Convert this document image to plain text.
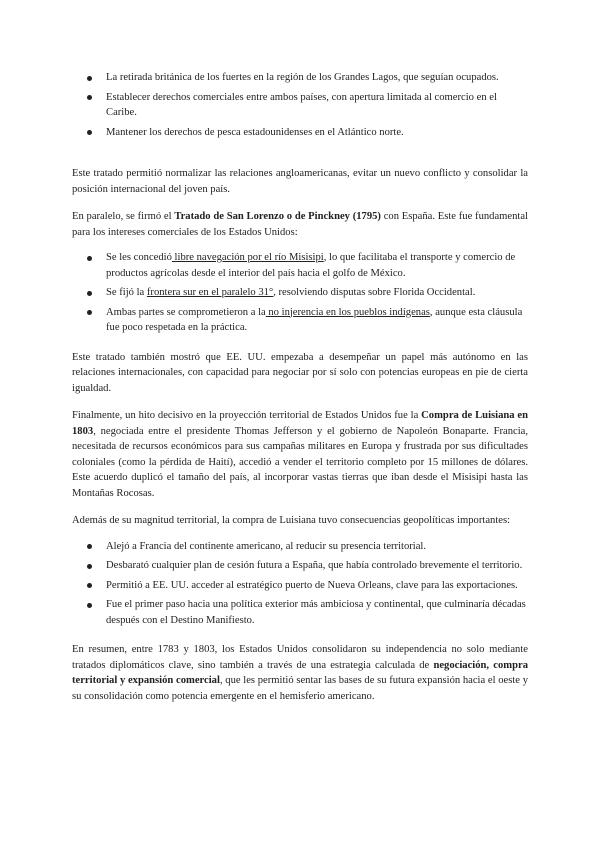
La retirada británica de los fuertes en la región de los Grandes Lagos, que seguían ocupados.
Establecer derechos comerciales entre ambos países, con apertura limitada al comercio en el Caribe.
Mantener los derechos de pesca estadounidenses en el Atlántico norte.

Este tratado permitió normalizar las relaciones angloamericanas, evitar un nuevo conflicto y consolidar la posición internacional del joven país.

En paralelo, se firmó el Tratado de San Lorenzo o de Pinckney (1795) con España. Este fue fundamental para los intereses comerciales de los Estados Unidos:

Se les concedió libre navegación por el río Misisipi, lo que facilitaba el transporte y comercio de productos agrícolas desde el interior del país hacia el golfo de México.
Se fijó la frontera sur en el paralelo 31°, resolviendo disputas sobre Florida Occidental.
Ambas partes se comprometieron a la no injerencia en los pueblos indígenas, aunque esta cláusula fue poco respetada en la práctica.

Este tratado también mostró que EE. UU. empezaba a desempeñar un papel más autónomo en las relaciones internacionales, con capacidad para negociar por sí solo con potencias europeas en pie de cierta igualdad.

Finalmente, un hito decisivo en la proyección territorial de Estados Unidos fue la Compra de Luisiana en 1803, negociada entre el presidente Thomas Jefferson y el gobierno de Napoleón Bonaparte. Francia, necesitada de recursos económicos para sus campañas militares en Europa y frustrada por sus dificultades coloniales (como la pérdida de Haití), accedió a vender el territorio completo por 15 millones de dólares. Este acuerdo duplicó el tamaño del país, al incorporar vastas tierras que iban desde el Misisipi hasta las Montañas Rocosas.

Además de su magnitud territorial, la compra de Luisiana tuvo consecuencias geopolíticas importantes:

Alejó a Francia del continente americano, al reducir su presencia territorial.
Desbarató cualquier plan de cesión futura a España, que había controlado brevemente el territorio.
Permitió a EE. UU. acceder al estratégico puerto de Nueva Orleans, clave para las exportaciones.
Fue el primer paso hacia una política exterior más ambiciosa y continental, que culminaría décadas después con el Destino Manifiesto.

En resumen, entre 1783 y 1803, los Estados Unidos consolidaron su independencia no solo mediante tratados diplomáticos clave, sino también a través de una estrategia calculada de negociación, compra territorial y expansión comercial, que les permitió sentar las bases de su futura expansión hacia el oeste y su consolidación como potencia emergente en el hemisferio americano.
